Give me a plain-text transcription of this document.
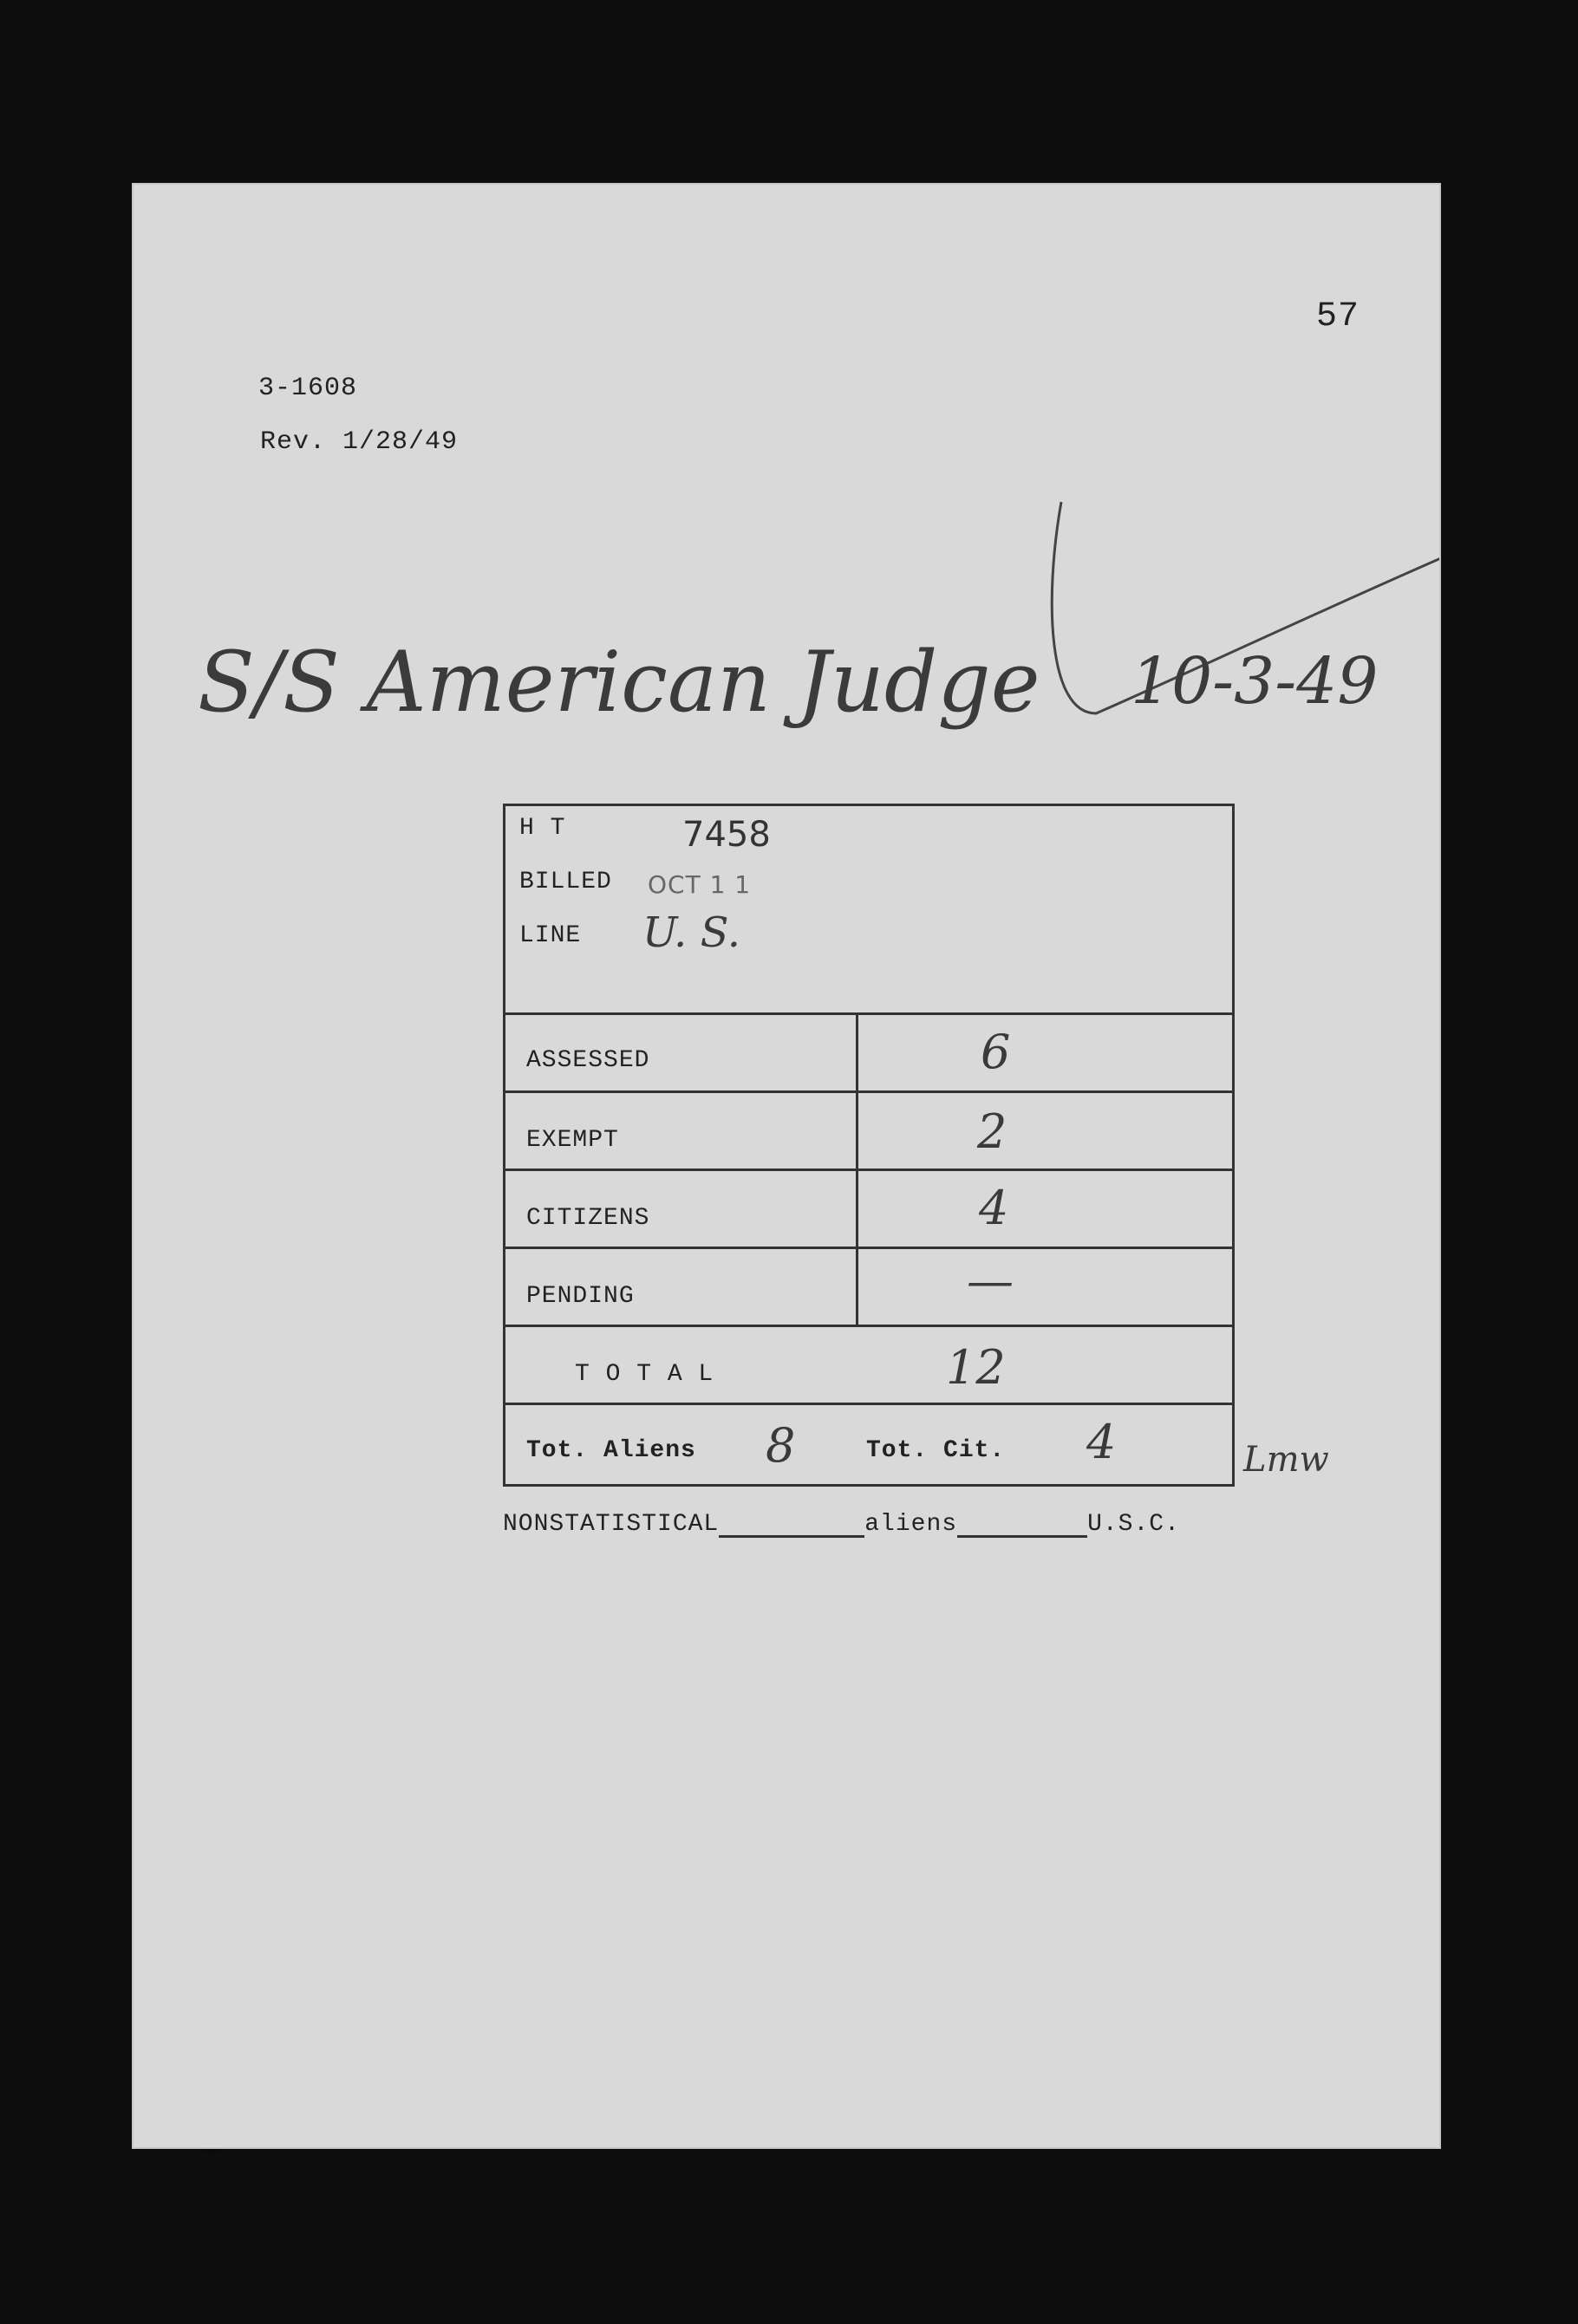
3-1608
Rev. 1/28/49
57
S/S American Judge 10-3-49
H T	7458
BILLED OCT 1 1
LINE U. S.
ASSESSED	6
EXEMPT	2
CITIZENS	4
PENDING	—
T O T A L	12
Tot. Aliens 8	Tot. Cit. 4	Lmw
NONSTATISTICAL	aliens	U.S.C.
